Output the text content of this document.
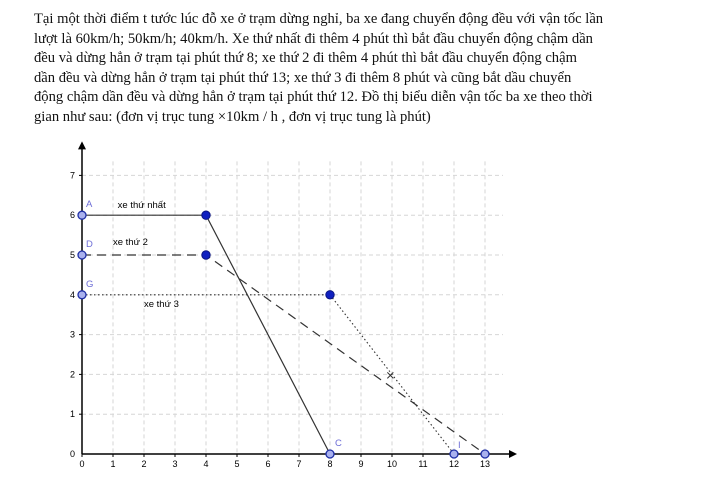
Tại một thời điểm t tước lúc đỗ xe ở trạm dừng nghỉ, ba xe đang chuyển động đều với vận tốc lần
lượt là 60km/h; 50km/h; 40km/h. Xe thứ nhất đi thêm 4 phút thì bắt đầu chuyển động chậm dần
đều và dừng hẳn ở trạm tại phút thứ 8; xe thứ 2 đi thêm 4 phút thì bắt đầu chuyển động chậm
dần đều và dừng hẳn ở trạm tại phút thứ 13; xe thứ 3 đi thêm 8 phút và cũng bắt dầu chuyển
động chậm dần đều và dừng hẳn ở trạm tại phút thứ 12. Đồ thị biểu diễn vận tốc ba xe theo thời
gian như sau: (đơn vị trục tung ×10km / h , đơn vị trục tung là phút)
0	1	2	3	4	5	6	7	8	9	10 11 12 13
0
1
2
3
4
5
6
7
xe thứ nhất
xe thứ 2
xe thứ 3
A
D
G
C	I
